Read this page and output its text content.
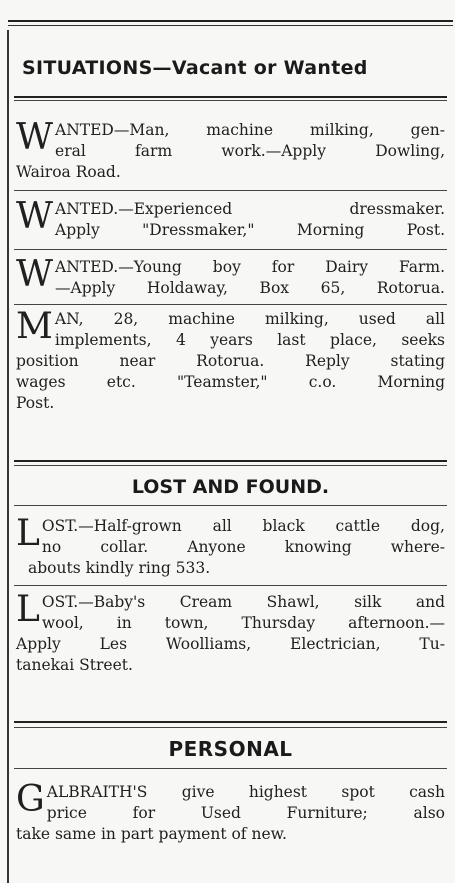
SITUATIONS—Vacant or Wanted
W ANTED—Man, machine milking, gen-

eral farm work.—Apply Dowling,

Wairoa Road.

W ANTED.—Experienced dressmaker.

Apply "Dressmaker," Morning Post.

W ANTED.—Young boy for Dairy Farm.

—Apply Holdaway, Box 65, Rotorua.

M AN, 28, machine milking, used all

implements, 4 years last place, seeks

position near Rotorua. Reply stating

wages etc. "Teamster," c.o. Morning

Post.

LOST AND FOUND.
L OST.—Half-grown all black cattle dog,

no collar. Anyone knowing where-

abouts kindly ring 533.

L OST.—Baby's Cream Shawl, silk and

wool, in town, Thursday afternoon.—

Apply Les Woolliams, Electrician, Tu-

tanekai Street.

PERSONAL
G ALBRAITH'S give highest spot cash

price for Used Furniture; also

take same in part payment of new.
